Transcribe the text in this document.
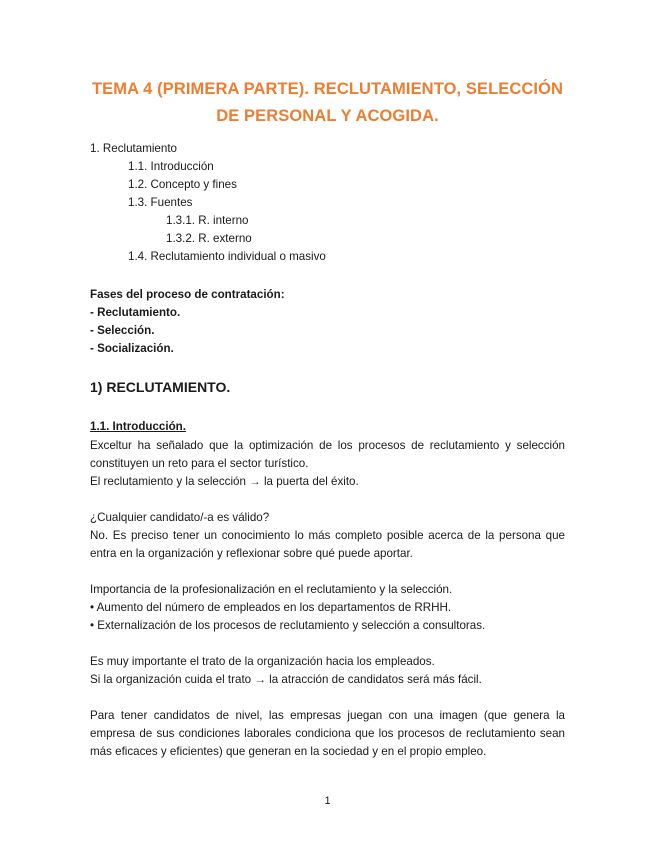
TEMA 4 (PRIMERA PARTE). RECLUTAMIENTO, SELECCIÓN
DE PERSONAL Y ACOGIDA.
1. Reclutamiento
1.1. Introducción
1.2. Concepto y fines
1.3. Fuentes
1.3.1. R. interno
1.3.2. R. externo
1.4. Reclutamiento individual o masivo
Fases del proceso de contratación:
- Reclutamiento.
- Selección.
- Socialización.
1) RECLUTAMIENTO.
1.1. Introducción.
Exceltur ha señalado que la optimización de los procesos de reclutamiento y selección
constituyen un reto para el sector turístico.
El reclutamiento y la selección → la puerta del éxito.
¿Cualquier candidato/-a es válido?
No. Es preciso tener un conocimiento lo más completo posible acerca de la persona que
entra en la organización y reflexionar sobre qué puede aportar.
Importancia de la profesionalización en el reclutamiento y la selección.
• Aumento del número de empleados en los departamentos de RRHH.
• Externalización de los procesos de reclutamiento y selección a consultoras.
Es muy importante el trato de la organización hacia los empleados.
Si la organización cuida el trato → la atracción de candidatos será más fácil.
Para tener candidatos de nivel, las empresas juegan con una imagen (que genera la
empresa de sus condiciones laborales condiciona que los procesos de reclutamiento sean
más eficaces y eficientes) que generan en la sociedad y en el propio empleo.
1
